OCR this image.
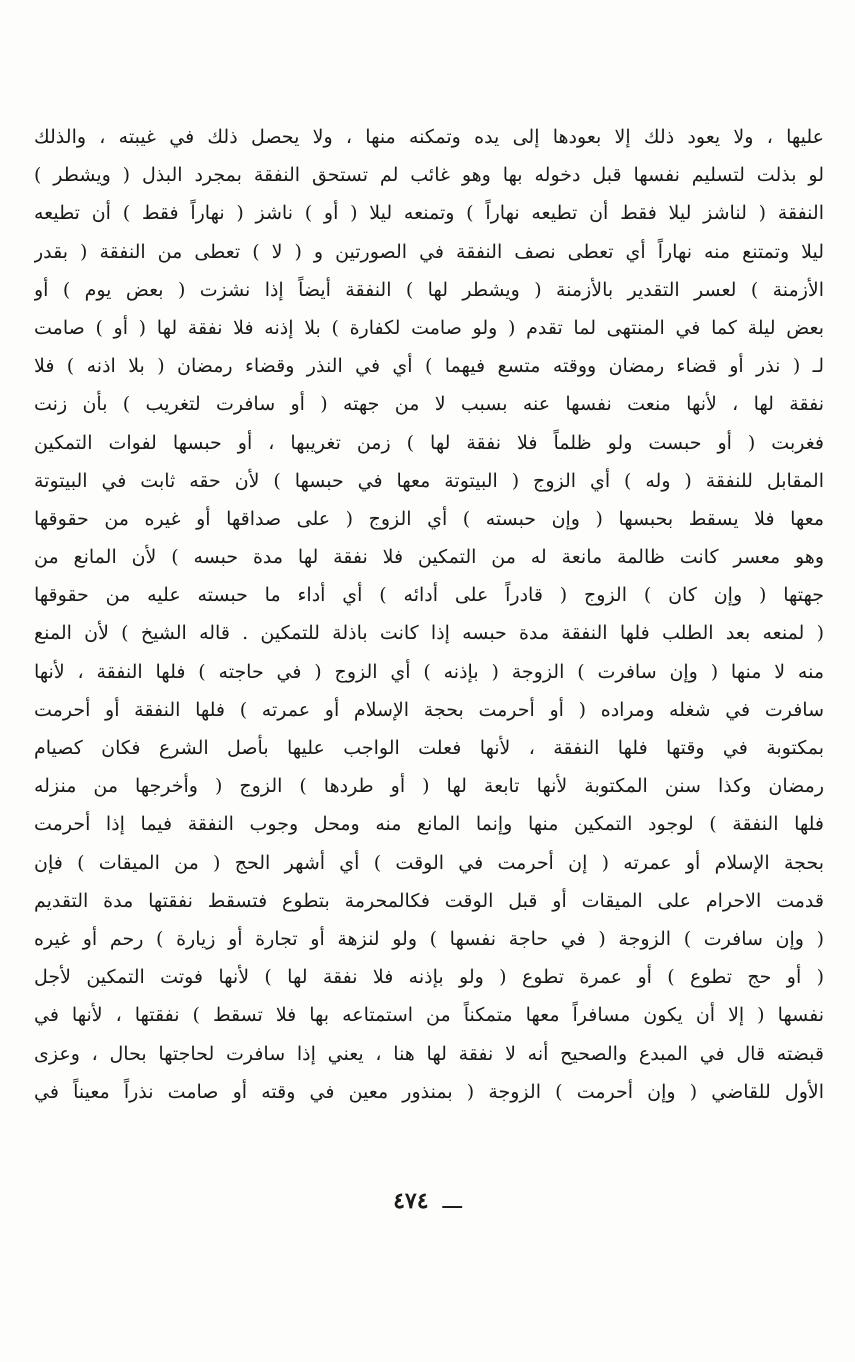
عليها ، ولا يعود ذلك إلا بعودها إلى يده وتمكنه منها ، ولا يحصل ذلك في غيبته ، والذلك
لو بذلت لتسليم نفسها قبل دخوله بها وهو غائب لم تستحق النفقة بمجرد البذل ( ويشطر )
النفقة ( لناشز ليلا فقط أن تطيعه نهاراً ) وتمنعه ليلا ( أو ) ناشز ( نهاراً فقط ) أن تطيعه
ليلا وتمتنع منه نهاراً أي تعطى نصف النفقة في الصورتين و ( لا ) تعطى من النفقة ( بقدر
الأزمنة ) لعسر التقدير بالأزمنة ( ويشطر لها ) النفقة أيضاً إذا نشزت ( بعض يوم ) أو
بعض ليلة كما في المنتهى لما تقدم ( ولو صامت لكفارة ) بلا إذنه فلا نفقة لها ( أو ) صامت
لـ ( نذر أو قضاء رمضان ووقته متسع فيهما ) أي في النذر وقضاء رمضان ( بلا اذنه ) فلا
نفقة لها ، لأنها منعت نفسها عنه بسبب لا من جهته ( أو سافرت لتغريب ) بأن زنت
فغربت ( أو حبست ولو ظلماً فلا نفقة لها ) زمن تغريبها ، أو حبسها لفوات التمكين
المقابل للنفقة ( وله ) أي الزوج ( البيتوتة معها في حبسها ) لأن حقه ثابت في البيتوتة
معها فلا يسقط بحبسها ( وإن حبسته ) أي الزوج ( على صداقها أو غيره من حقوقها
وهو معسر كانت ظالمة مانعة له من التمكين فلا نفقة لها مدة حبسه ) لأن المانع من
جهتها ( وإن كان ) الزوج ( قادراً على أدائه ) أي أداء ما حبسته عليه من حقوقها
( لمنعه بعد الطلب فلها النفقة مدة حبسه إذا كانت باذلة للتمكين . قاله الشيخ ) لأن المنع
منه لا منها ( وإن سافرت ) الزوجة ( بإذنه ) أي الزوج ( في حاجته ) فلها النفقة ، لأنها
سافرت في شغله ومراده ( أو أحرمت بحجة الإسلام أو عمرته ) فلها النفقة أو أحرمت
بمكتوبة في وقتها فلها النفقة ، لأنها فعلت الواجب عليها بأصل الشرع فكان كصيام
رمضان وكذا سنن المكتوبة لأنها تابعة لها ( أو طردها ) الزوج ( وأخرجها من منزله
فلها النفقة ) لوجود التمكين منها وإنما المانع منه ومحل وجوب النفقة فيما إذا أحرمت
بحجة الإسلام أو عمرته ( إن أحرمت في الوقت ) أي أشهر الحج ( من الميقات ) فإن
قدمت الاحرام على الميقات أو قبل الوقت فكالمحرمة بتطوع فتسقط نفقتها مدة التقديم
( وإن سافرت ) الزوجة ( في حاجة نفسها ) ولو لنزهة أو تجارة أو زيارة ) رحم أو غيره
( أو حج تطوع ) أو عمرة تطوع ( ولو بإذنه فلا نفقة لها ) لأنها فوتت التمكين لأجل
نفسها ( إلا أن يكون مسافراً معها متمكناً من استمتاعه بها فلا تسقط ) نفقتها ، لأنها في
قبضته قال في المبدع والصحيح أنه لا نفقة لها هنا ، يعني إذا سافرت لحاجتها بحال ، وعزى
الأول للقاضي ( وإن أحرمت ) الزوجة ( بمنذور معين في وقته أو صامت نذراً معيناً في
ـــ٤٧٤
